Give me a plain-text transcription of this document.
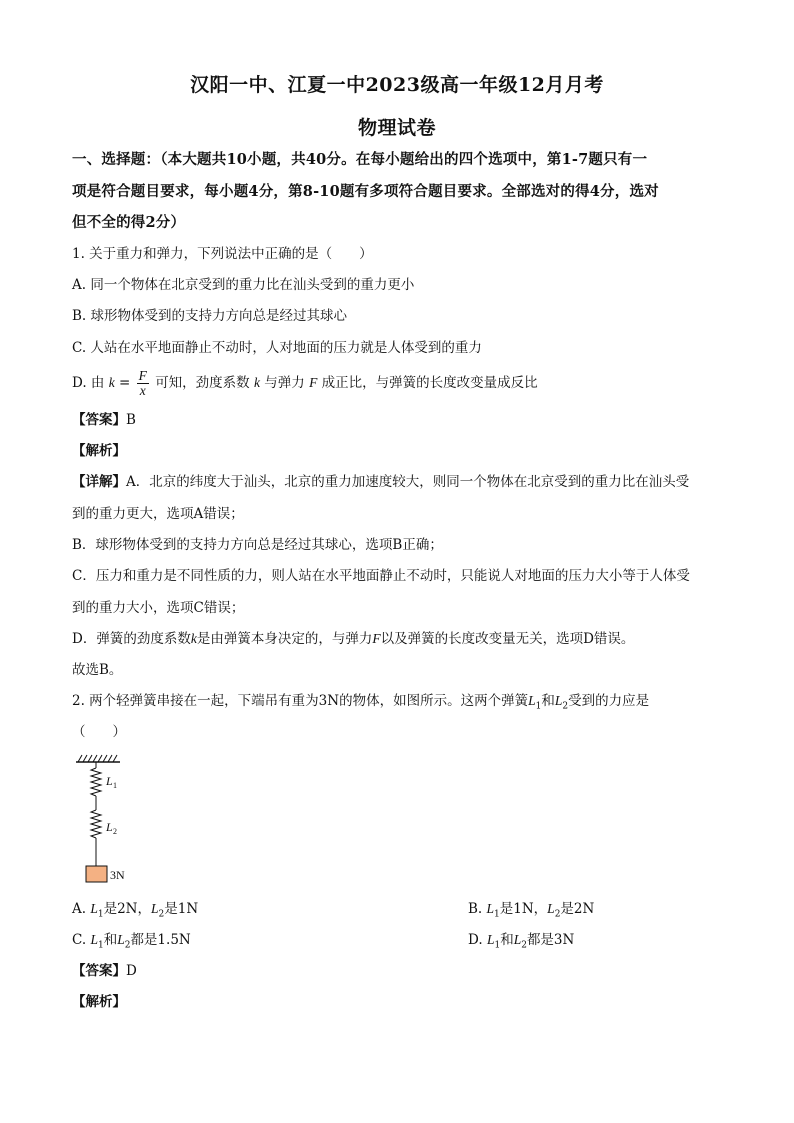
汉阳一中、江夏一中2023级高一年级12月月考
物理试卷
一、选择题：（本大题共10小题，共40分。在每小题给出的四个选项中，第1-7题只有一
项是符合题目要求，每小题4分，第8-10题有多项符合题目要求。全部选对的得4分，选对
但不全的得2分）
1. 关于重力和弹力，下列说法中正确的是（　　）
A. 同一个物体在北京受到的重力比在汕头受到的重力更小
B. 球形物体受到的支持力方向总是经过其球心
C. 人站在水平地面静止不动时，人对地面的压力就是人体受到的重力
D. 由 $k = \frac{F}{x}$ 可知，劲度系数 k 与弹力 F 成正比，与弹簧的长度改变量成反比
【答案】B
【解析】
【详解】A．北京的纬度大于汕头，北京的重力加速度较大，则同一个物体在北京受到的重力比在汕头受
到的重力更大，选项A错误；
B．球形物体受到的支持力方向总是经过其球心，选项B正确；
C．压力和重力是不同性质的力，则人站在水平地面静止不动时，只能说人对地面的压力大小等于人体受
到的重力大小，选项C错误；
D．弹簧的劲度系数k是由弹簧本身决定的，与弹力F以及弹簧的长度改变量无关，选项D错误。
故选B。
2. 两个轻弹簧串接在一起，下端吊有重为3N的物体，如图所示。这两个弹簧$L_1$和$L_2$受到的力应是
（　　）
L 1
L 2
3N
A. $L_1$是2N，$L_2$是1N	B. $L_1$是1N，$L_2$是2N
C. $L_1$和$L_2$都是1.5N	D. $L_1$和$L_2$都是3N
【答案】D
【解析】
